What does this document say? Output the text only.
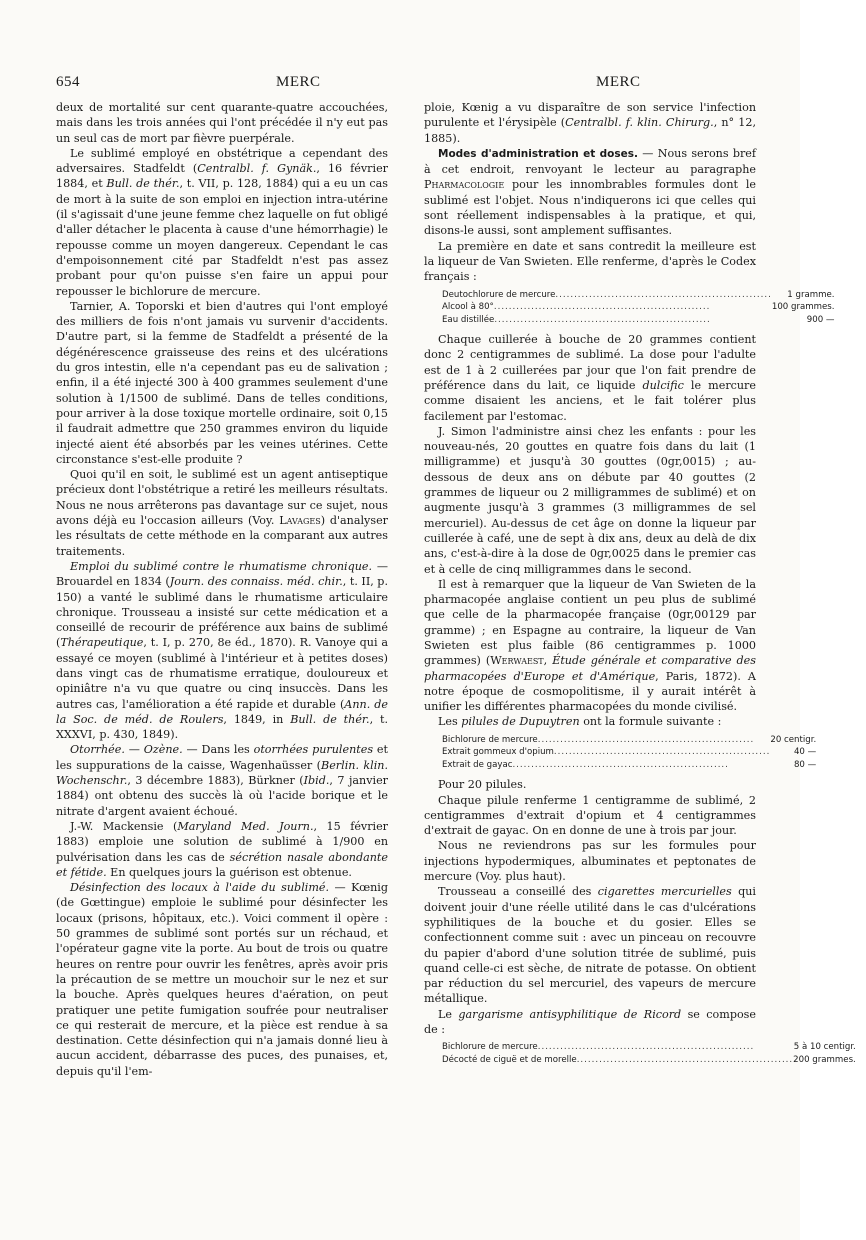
654	MERC	MERC

deux de mortalité sur cent quarante-quatre accouchées, mais dans les trois années qui l'ont précédée il n'y eut pas un seul cas de mort par fièvre puerpérale.

Le sublimé employé en obstétrique a cependant des adversaires. Stadfeldt (Centralbl. f. Gynäk., 16 février 1884, et Bull. de thér., t. VII, p. 128, 1884) qui a eu un cas de mort à la suite de son emploi en injection intra-utérine (il s'agissait d'une jeune femme chez laquelle on fut obligé d'aller détacher le placenta à cause d'une hémorrhagie) le repousse comme un moyen dangereux. Cependant le cas d'empoisonnement cité par Stadfeldt n'est pas assez probant pour qu'on puisse s'en faire un appui pour repousser le bichlorure de mercure.

Tarnier, A. Toporski et bien d'autres qui l'ont employé des milliers de fois n'ont jamais vu survenir d'accidents. D'autre part, si la femme de Stadfeldt a présenté de la dégénérescence graisseuse des reins et des ulcérations du gros intestin, elle n'a cependant pas eu de salivation ; enfin, il a été injecté 300 à 400 grammes seulement d'une solution à 1/1500 de sublimé. Dans de telles conditions, pour arriver à la dose toxique mortelle ordinaire, soit 0,15 il faudrait admettre que 250 grammes environ du liquide injecté aient été absorbés par les veines utérines. Cette circonstance s'est-elle produite ?

Quoi qu'il en soit, le sublimé est un agent antiseptique précieux dont l'obstétrique a retiré les meilleurs résultats. Nous ne nous arrêterons pas davantage sur ce sujet, nous avons déjà eu l'occasion ailleurs (Voy. Lavages) d'analyser les résultats de cette méthode en la comparant aux autres traitements.

Emploi du sublimé contre le rhumatisme chronique. — Brouardel en 1834 (Journ. des connaiss. méd. chir., t. II, p. 150) a vanté le sublimé dans le rhumatisme articulaire chronique. Trousseau a insisté sur cette médication et a conseillé de recourir de préférence aux bains de sublimé (Thérapeutique, t. I, p. 270, 8e éd., 1870). R. Vanoye qui a essayé ce moyen (sublimé à l'intérieur et à petites doses) dans vingt cas de rhumatisme erratique, douloureux et opiniâtre n'a vu que quatre ou cinq insuccès. Dans les autres cas, l'amélioration a été rapide et durable (Ann. de la Soc. de méd. de Roulers, 1849, in Bull. de thér., t. XXXVI, p. 430, 1849).

Otorrhée. — Ozène. — Dans les otorrhées purulentes et les suppurations de la caisse, Wagenhaüsser (Berlin. klin. Wochenschr., 3 décembre 1883), Bürkner (Ibid., 7 janvier 1884) ont obtenu des succès là où l'acide borique et le nitrate d'argent avaient échoué.

J.-W. Mackensie (Maryland Med. Journ., 15 février 1883) emploie une solution de sublimé à 1/900 en pulvérisation dans les cas de sécrétion nasale abondante et fétide. En quelques jours la guérison est obtenue.

Désinfection des locaux à l'aide du sublimé. — Kœnig (de Gœttingue) emploie le sublimé pour désinfecter les locaux (prisons, hôpitaux, etc.). Voici comment il opère : 50 grammes de sublimé sont portés sur un réchaud, et l'opérateur gagne vite la porte. Au bout de trois ou quatre heures on rentre pour ouvrir les fenêtres, après avoir pris la précaution de se mettre un mouchoir sur le nez et sur la bouche. Après quelques heures d'aération, on peut pratiquer une petite fumigation soufrée pour neutraliser ce qui resterait de mercure, et la pièce est rendue à sa destination. Cette désinfection qui n'a jamais donné lieu à aucun accident, débarrasse des puces, des punaises, et, depuis qu'il l'em-

ploie, Kœnig a vu disparaître de son service l'infection purulente et l'érysipèle (Centralbl. f. klin. Chirurg., n° 12, 1885).

Modes d'administration et doses. — Nous serons bref à cet endroit, renvoyant le lecteur au paragraphe Pharmacologie pour les innombrables formules dont le sublimé est l'objet. Nous n'indiquerons ici que celles qui sont réellement indispensables à la pratique, et qui, disons-le aussi, sont amplement suffisantes.

La première en date et sans contredit la meilleure est la liqueur de Van Swieten. Elle renferme, d'après le Codex français :

Deutochlorure de mercure..........................................................	1 gramme.
Alcool à 80°..........................................................	100 grammes.
Eau distillée..........................................................	900 —

Chaque cuillerée à bouche de 20 grammes contient donc 2 centigrammes de sublimé. La dose pour l'adulte est de 1 à 2 cuillerées par jour que l'on fait prendre de préférence dans du lait, ce liquide dulcific le mercure comme disaient les anciens, et le fait tolérer plus facilement par l'estomac.

J. Simon l'administre ainsi chez les enfants : pour les nouveau-nés, 20 gouttes en quatre fois dans du lait (1 milligramme) et jusqu'à 30 gouttes (0gr,0015) ; au-dessous de deux ans on débute par 40 gouttes (2 grammes de liqueur ou 2 milligrammes de sublimé) et on augmente jusqu'à 3 grammes (3 milligrammes de sel mercuriel). Au-dessus de cet âge on donne la liqueur par cuillerée à café, une de sept à dix ans, deux au delà de dix ans, c'est-à-dire à la dose de 0gr,0025 dans le premier cas et à celle de cinq milligrammes dans le second.

Il est à remarquer que la liqueur de Van Swieten de la pharmacopée anglaise contient un peu plus de sublimé que celle de la pharmacopée française (0gr,00129 par gramme) ; en Espagne au contraire, la liqueur de Van Swieten est plus faible (86 centigrammes p. 1000 grammes) (Werwaest, Étude générale et comparative des pharmacopées d'Europe et d'Amérique, Paris, 1872). A notre époque de cosmopolitisme, il y aurait intérêt à unifier les différentes pharmacopées du monde civilisé.

Les pilules de Dupuytren ont la formule suivante :

Bichlorure de mercure..........................................................	20 centigr.
Extrait gommeux d'opium..........................................................	40 —
Extrait de gayac..........................................................	80 —

Pour 20 pilules.

Chaque pilule renferme 1 centigramme de sublimé, 2 centigrammes d'extrait d'opium et 4 centigrammes d'extrait de gayac. On en donne de une à trois par jour.

Nous ne reviendrons pas sur les formules pour injections hypodermiques, albuminates et peptonates de mercure (Voy. plus haut).

Trousseau a conseillé des cigarettes mercurielles qui doivent jouir d'une réelle utilité dans le cas d'ulcérations syphilitiques de la bouche et du gosier. Elles se confectionnent comme suit : avec un pinceau on recouvre du papier d'abord d'une solution titrée de sublimé, puis quand celle-ci est sèche, de nitrate de potasse. On obtient par réduction du sel mercuriel, des vapeurs de mercure métallique.

Le gargarisme antisyphilitique de Ricord se compose de :

Bichlorure de mercure..........................................................	5 à 10 centigr.
Décocté de ciguë et de morelle..........................................................	200 grammes.
